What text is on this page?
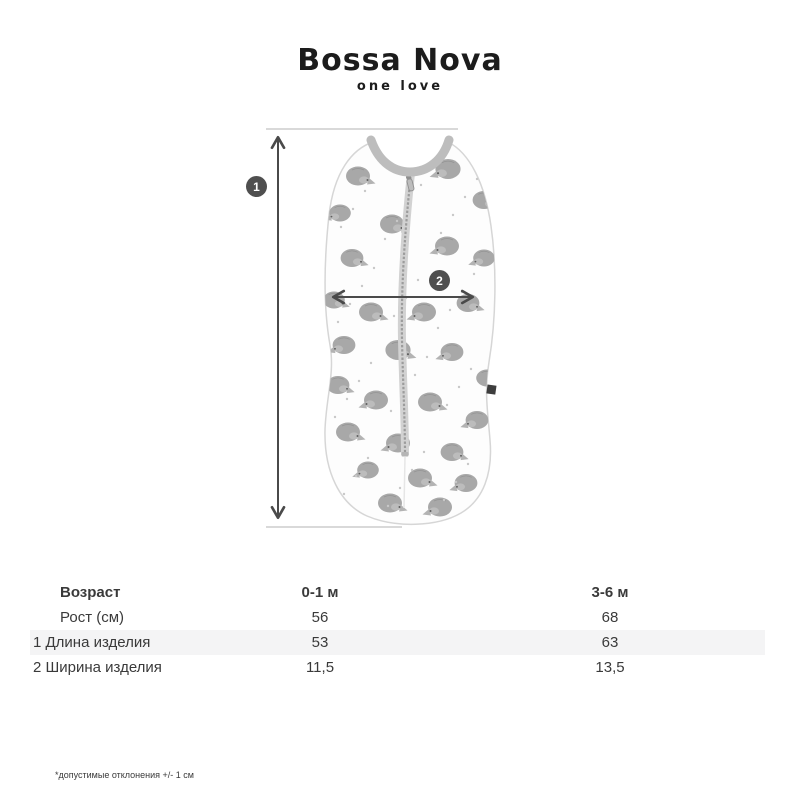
Bossa Nova
one love
1
2
Возраст	0-1 м	3-6 м
Рост (см)	56	68
1 Длина изделия	53	63
2 Ширина изделия	11,5	13,5
*допустимые отклонения +/- 1 см
